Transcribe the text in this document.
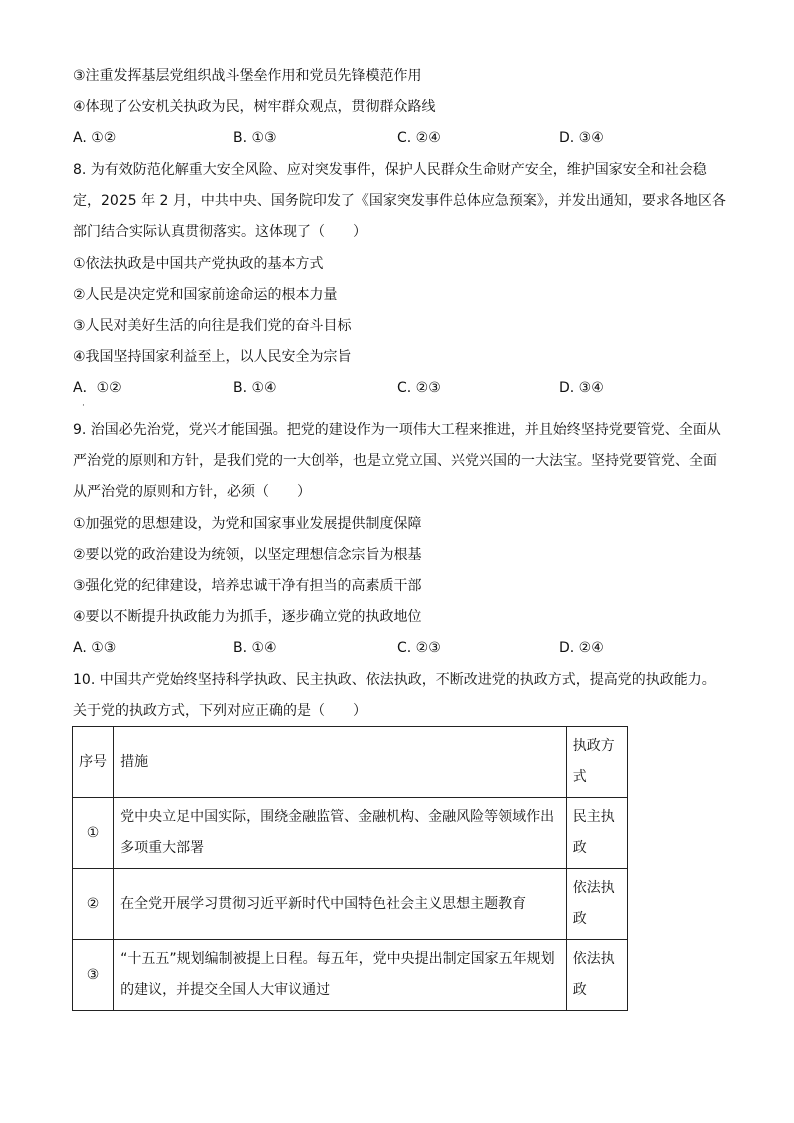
③注重发挥基层党组织战斗堡垒作用和党员先锋模范作用
④体现了公安机关执政为民，树牢群众观点，贯彻群众路线
A. ①②	B. ①③	C. ②④	D. ③④
8. 为有效防范化解重大安全风险、应对突发事件，保护人民群众生命财产安全，维护国家安全和社会稳
定，2025 年 2 月，中共中央、国务院印发了《国家突发事件总体应急预案》，并发出通知，要求各地区各
部门结合实际认真贯彻落实。这体现了（　　）
①依法执政是中国共产党执政的基本方式
②人民是决定党和国家前途命运的根本力量
③人民对美好生活的向往是我们党的奋斗目标
④我国坚持国家利益至上，以人民安全为宗旨
A．①②	B. ①④	C. ②③	D. ③④
·
9. 治国必先治党，党兴才能国强。把党的建设作为一项伟大工程来推进，并且始终坚持党要管党、全面从
严治党的原则和方针，是我们党的一大创举，也是立党立国、兴党兴国的一大法宝。坚持党要管党、全面
从严治党的原则和方针，必须（　　）
①加强党的思想建设，为党和国家事业发展提供制度保障
②要以党的政治建设为统领，以坚定理想信念宗旨为根基
③强化党的纪律建设，培养忠诚干净有担当的高素质干部
④要以不断提升执政能力为抓手，逐步确立党的执政地位
A. ①③	B. ①④	C. ②③	D. ②④
10. 中国共产党始终坚持科学执政、民主执政、依法执政，不断改进党的执政方式，提高党的执政能力。
关于党的执政方式，下列对应正确的是（　　）
序号	措施	执政方式
①	党中央立足中国实际，围绕金融监管、金融机构、金融风险等领域作出多项重大部署	民主执政
②	在全党开展学习贯彻习近平新时代中国特色社会主义思想主题教育	依法执政
③	“十五五”规划编制被提上日程。每五年，党中央提出制定国家五年规划的建议，并提交全国人大审议通过	依法执政
